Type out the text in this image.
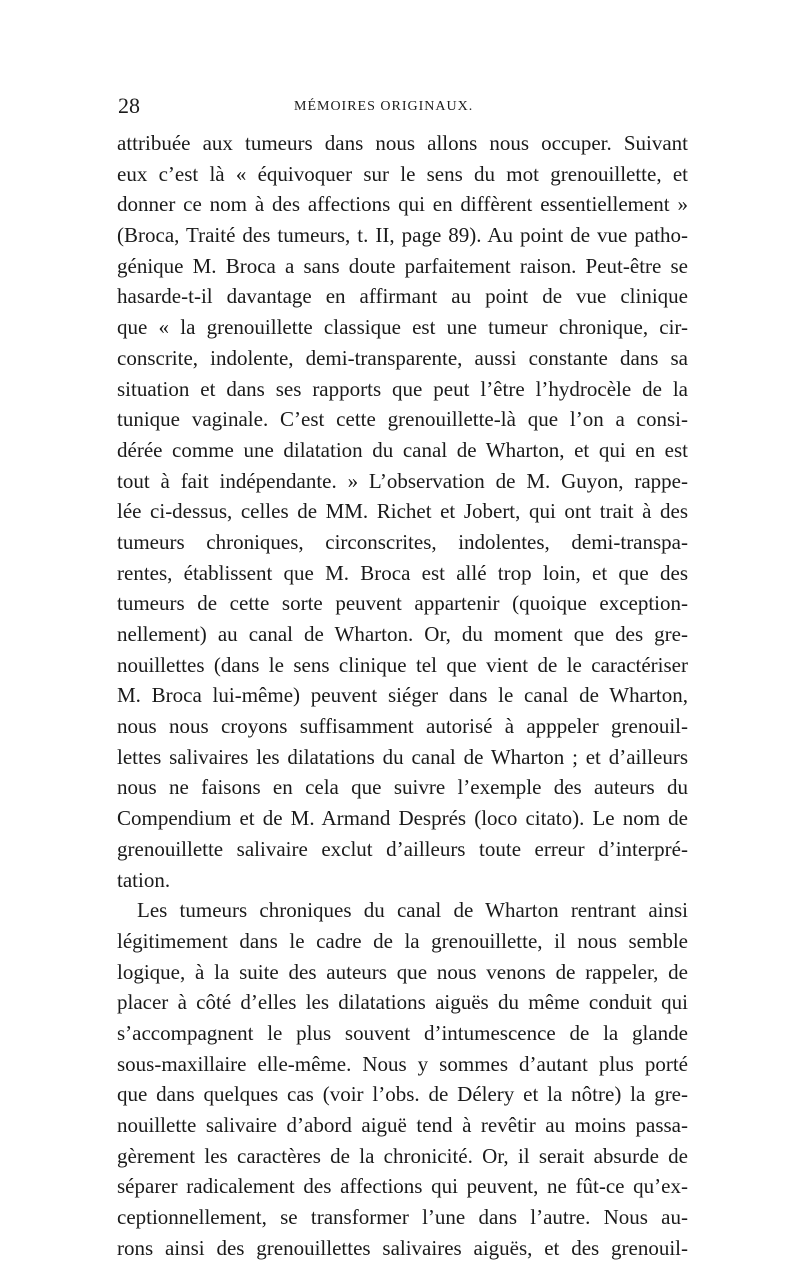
28	MÉMOIRES ORIGINAUX.
attribuée aux tumeurs dans nous allons nous occuper. Suivant
eux c’est là « équivoquer sur le sens du mot grenouillette, et
donner ce nom à des affections qui en diffèrent essentiellement »
(Broca, Traité des tumeurs, t. II, page 89). Au point de vue patho-
génique M. Broca a sans doute parfaitement raison. Peut-être se
hasarde-t-il davantage en affirmant au point de vue clinique
que « la grenouillette classique est une tumeur chronique, cir-
conscrite, indolente, demi-transparente, aussi constante dans sa
situation et dans ses rapports que peut l’être l’hydrocèle de la
tunique vaginale. C’est cette grenouillette-là que l’on a consi-
dérée comme une dilatation du canal de Wharton, et qui en est
tout à fait indépendante. » L’observation de M. Guyon, rappe-
lée ci-dessus, celles de MM. Richet et Jobert, qui ont trait à des
tumeurs chroniques, circonscrites, indolentes, demi-transpa-
rentes, établissent que M. Broca est allé trop loin, et que des
tumeurs de cette sorte peuvent appartenir (quoique exception-
nellement) au canal de Wharton. Or, du moment que des gre-
nouillettes (dans le sens clinique tel que vient de le caractériser
M. Broca lui-même) peuvent siéger dans le canal de Wharton,
nous nous croyons suffisamment autorisé à apppeler grenouil-
lettes salivaires les dilatations du canal de Wharton ; et d’ailleurs
nous ne faisons en cela que suivre l’exemple des auteurs du
Compendium et de M. Armand Després (loco citato). Le nom de
grenouillette salivaire exclut d’ailleurs toute erreur d’interpré-
tation.
Les tumeurs chroniques du canal de Wharton rentrant ainsi
légitimement dans le cadre de la grenouillette, il nous semble
logique, à la suite des auteurs que nous venons de rappeler, de
placer à côté d’elles les dilatations aiguës du même conduit qui
s’accompagnent le plus souvent d’intumescence de la glande
sous-maxillaire elle-même. Nous y sommes d’autant plus porté
que dans quelques cas (voir l’obs. de Délery et la nôtre) la gre-
nouillette salivaire d’abord aiguë tend à revêtir au moins passa-
gèrement les caractères de la chronicité. Or, il serait absurde de
séparer radicalement des affections qui peuvent, ne fût-ce qu’ex-
ceptionnellement, se transformer l’une dans l’autre. Nous au-
rons ainsi des grenouillettes salivaires aiguës, et des grenouil-
